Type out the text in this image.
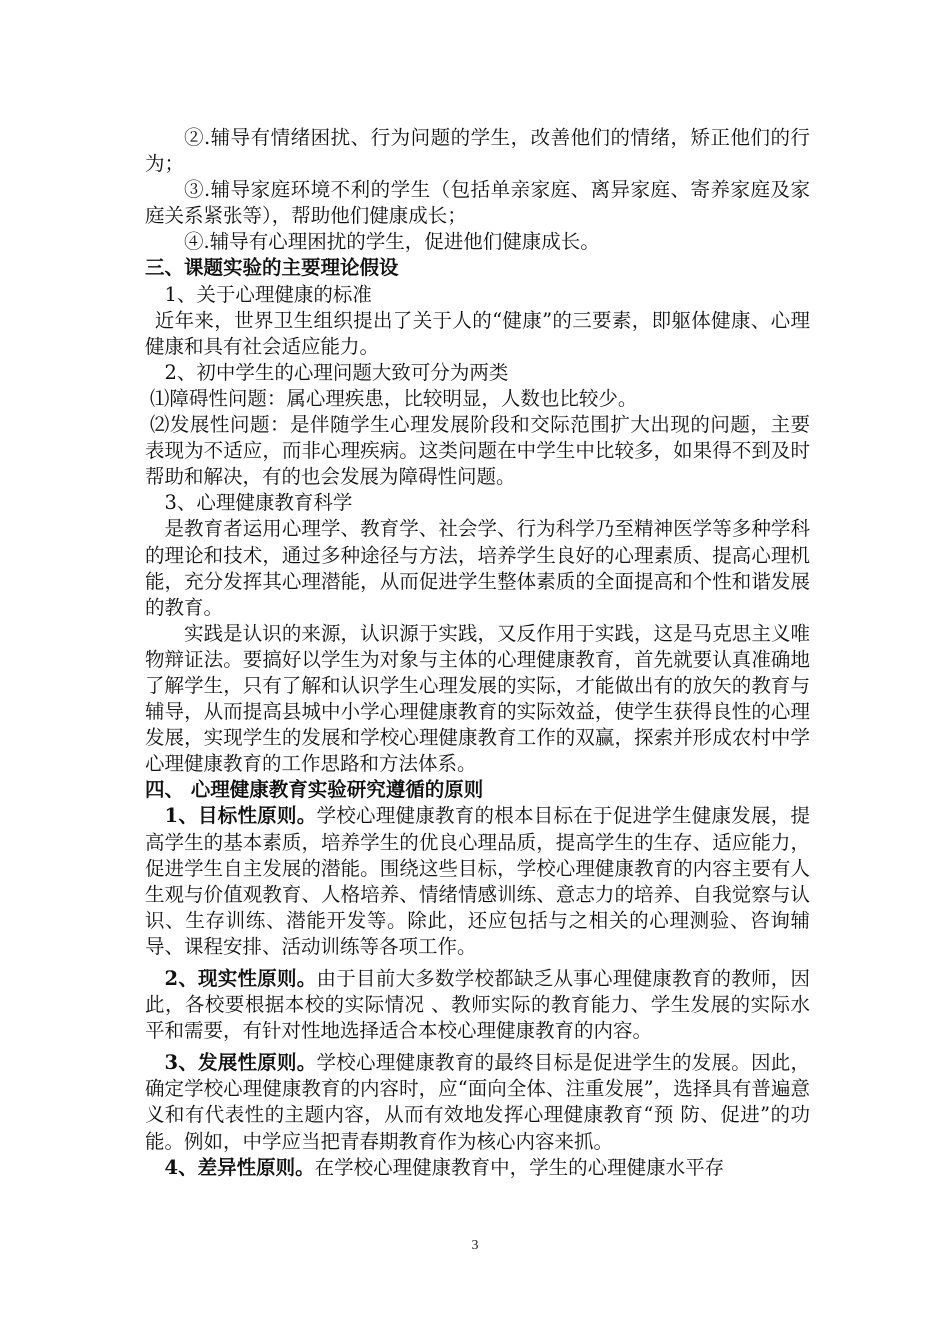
②.辅导有情绪困扰、行为问题的学生，改善他们的情绪，矫正他们的行为；

③.辅导家庭环境不利的学生（包括单亲家庭、离异家庭、寄养家庭及家庭关系紧张等），帮助他们健康成长；

④.辅导有心理困扰的学生，促进他们健康成长。

三、课题实验的主要理论假设

1、关于心理健康的标准

近年来，世界卫生组织提出了关于人的“健康”的三要素，即躯体健康、心理健康和具有社会适应能力。

2、初中学生的心理问题大致可分为两类

⑴障碍性问题：属心理疾患，比较明显，人数也比较少。

⑵发展性问题：是伴随学生心理发展阶段和交际范围扩大出现的问题，主要表现为不适应，而非心理疾病。这类问题在中学生中比较多，如果得不到及时帮助和解决，有的也会发展为障碍性问题。

3、心理健康教育科学

是教育者运用心理学、教育学、社会学、行为科学乃至精神医学等多种学科的理论和技术，通过多种途径与方法，培养学生良好的心理素质、提高心理机能，充分发挥其心理潜能，从而促进学生整体素质的全面提高和个性和谐发展的教育。

实践是认识的来源，认识源于实践，又反作用于实践，这是马克思主义唯物辩证法。要搞好以学生为对象与主体的心理健康教育，首先就要认真准确地了解学生，只有了解和认识学生心理发展的实际，才能做出有的放矢的教育与辅导，从而提高县城中小学心理健康教育的实际效益，使学生获得良性的心理发展，实现学生的发展和学校心理健康教育工作的双赢，探索并形成农村中学心理健康教育的工作思路和方法体系。

四、 心理健康教育实验研究遵循的原则

1、目标性原则。学校心理健康教育的根本目标在于促进学生健康发展，提高学生的基本素质，培养学生的优良心理品质，提高学生的生存、适应能力，促进学生自主发展的潜能。围绕这些目标，学校心理健康教育的内容主要有人生观与价值观教育、人格培养、情绪情感训练、意志力的培养、自我觉察与认识、生存训练、潜能开发等。除此，还应包括与之相关的心理测验、咨询辅导、课程安排、活动训练等各项工作。

2、现实性原则。由于目前大多数学校都缺乏从事心理健康教育的教师，因此，各校要根据本校的实际情况 、教师实际的教育能力、学生发展的实际水平和需要，有针对性地选择适合本校心理健康教育的内容。

3、发展性原则。学校心理健康教育的最终目标是促进学生的发展。因此，确定学校心理健康教育的内容时，应“面向全体、注重发展”，选择具有普遍意义和有代表性的主题内容，从而有效地发挥心理健康教育“预 防、促进”的功能。例如，中学应当把青春期教育作为核心内容来抓。

4、差异性原则。在学校心理健康教育中，学生的心理健康水平存

3
